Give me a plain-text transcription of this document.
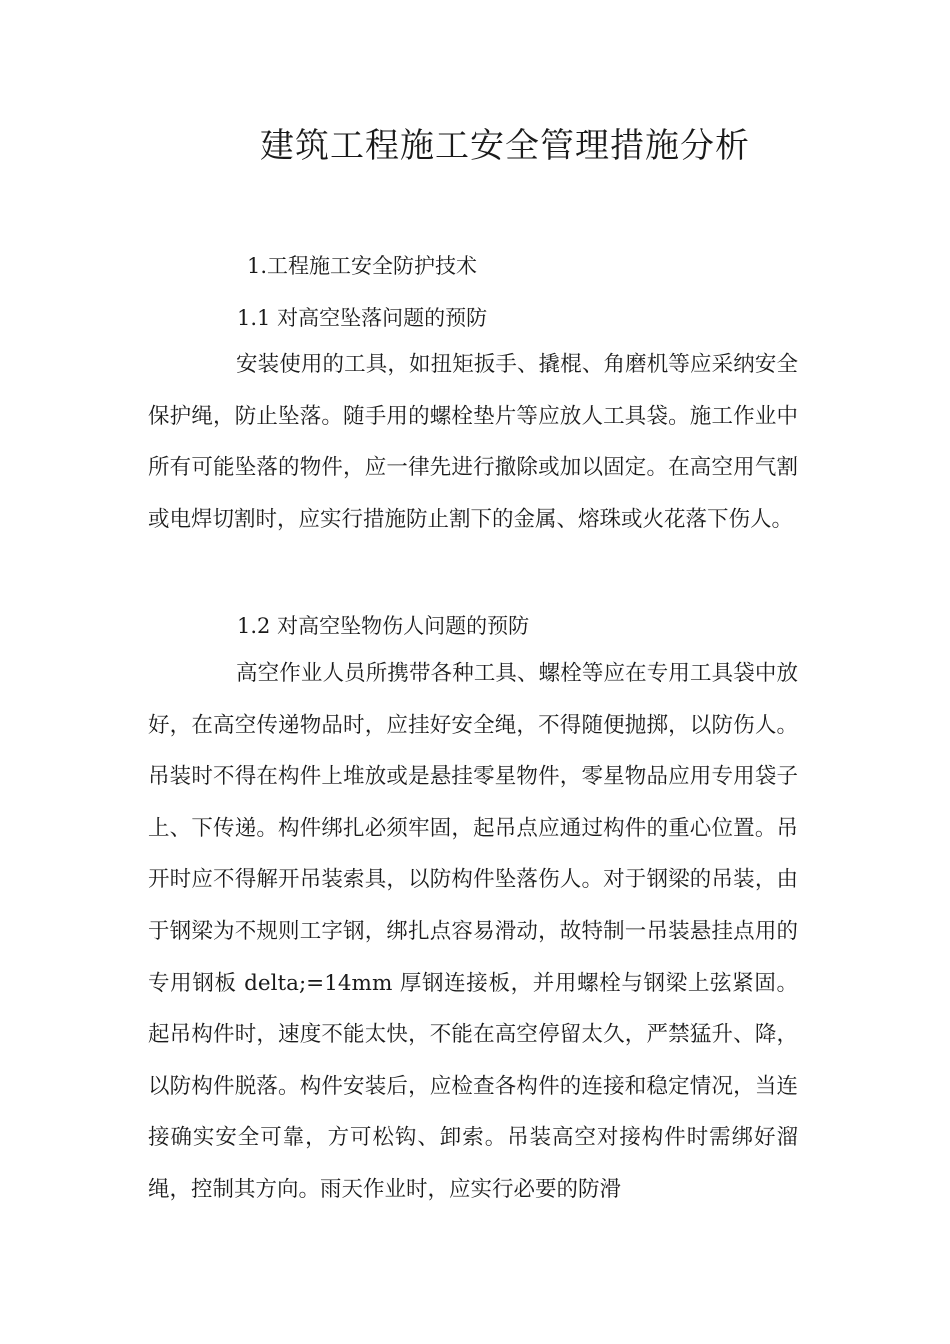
建筑工程施工安全管理措施分析
1.工程施工安全防护技术
1.1 对高空坠落问题的预防

安装使用的工具，如扭矩扳手、撬棍、角磨机等应采纳安全保护绳，防止坠落。随手用的螺栓垫片等应放人工具袋。施工作业中所有可能坠落的物件，应一律先进行撤除或加以固定。在高空用气割或电焊切割时，应实行措施防止割下的金属、熔珠或火花落下伤人。

1.2 对高空坠物伤人问题的预防

高空作业人员所携带各种工具、螺栓等应在专用工具袋中放好，在高空传递物品时，应挂好安全绳，不得随便抛掷，以防伤人。吊装时不得在构件上堆放或是悬挂零星物件，零星物品应用专用袋子上、下传递。构件绑扎必须牢固，起吊点应通过构件的重心位置。吊开时应不得解开吊装索具，以防构件坠落伤人。对于钢梁的吊装，由于钢梁为不规则工字钢，绑扎点容易滑动，故特制一吊装悬挂点用的专用钢板 delta;=14mm 厚钢连接板，并用螺栓与钢梁上弦紧固。起吊构件时，速度不能太快，不能在高空停留太久，严禁猛升、降，以防构件脱落。构件安装后，应检查各构件的连接和稳定情况，当连接确实安全可靠，方可松钩、卸索。吊装高空对接构件时需绑好溜绳，控制其方向。雨天作业时，应实行必要的防滑
